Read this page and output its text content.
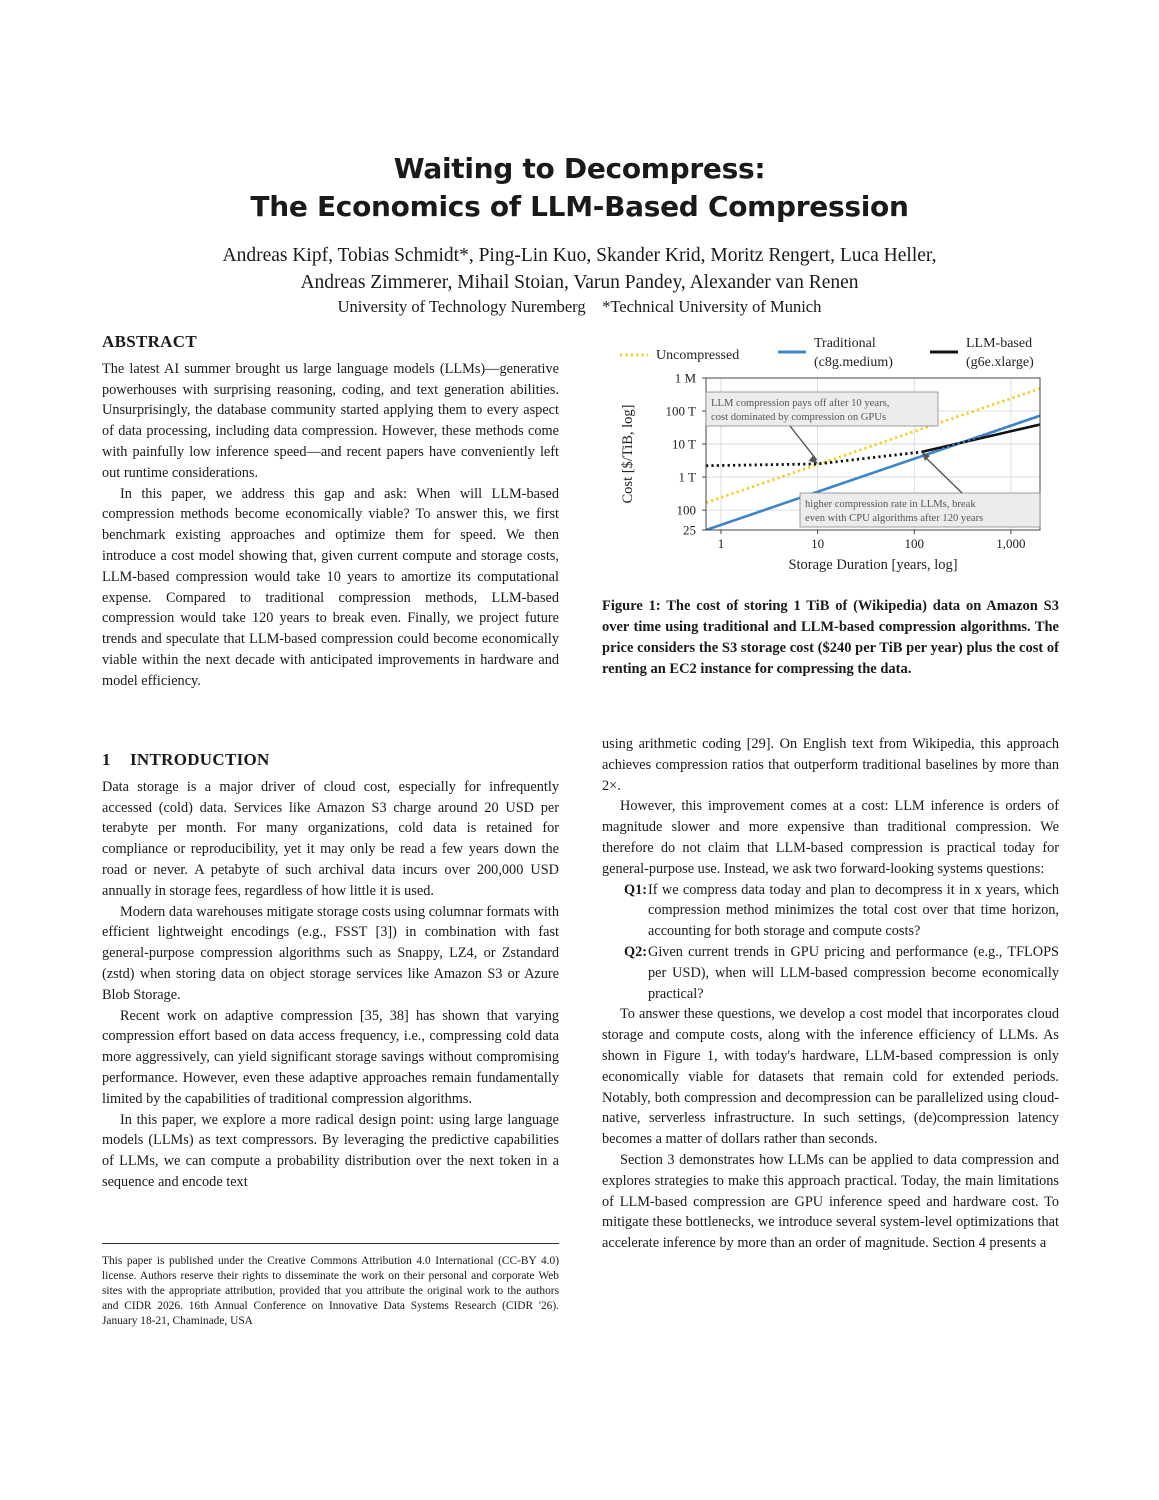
Waiting to Decompress:
The Economics of LLM-Based Compression
Andreas Kipf, Tobias Schmidt*, Ping-Lin Kuo, Skander Krid, Moritz Rengert, Luca Heller,
Andreas Zimmerer, Mihail Stoian, Varun Pandey, Alexander van Renen
University of Technology Nuremberg    *Technical University of Munich
ABSTRACT

The latest AI summer brought us large language models (LLMs)—generative powerhouses with surprising reasoning, coding, and text generation abilities. Unsurprisingly, the database community started applying them to every aspect of data processing, including data compression. However, these methods come with painfully low inference speed—and recent papers have conveniently left out runtime considerations.

In this paper, we address this gap and ask: When will LLM-based compression methods become economically viable? To answer this, we first benchmark existing approaches and optimize them for speed. We then introduce a cost model showing that, given current compute and storage costs, LLM-based compression would take 10 years to amortize its computational expense. Compared to traditional compression methods, LLM-based compression would take 120 years to break even. Finally, we project future trends and speculate that LLM-based compression could become economically viable within the next decade with anticipated improvements in hardware and model efficiency.

1 INTRODUCTION

Data storage is a major driver of cloud cost, especially for infrequently accessed (cold) data. Services like Amazon S3 charge around 20 USD per terabyte per month. For many organizations, cold data is retained for compliance or reproducibility, yet it may only be read a few years down the road or never. A petabyte of such archival data incurs over 200,000 USD annually in storage fees, regardless of how little it is used.

Modern data warehouses mitigate storage costs using columnar formats with efficient lightweight encodings (e.g., FSST [3]) in combination with fast general-purpose compression algorithms such as Snappy, LZ4, or Zstandard (zstd) when storing data on object storage services like Amazon S3 or Azure Blob Storage.

Recent work on adaptive compression [35, 38] has shown that varying compression effort based on data access frequency, i.e., compressing cold data more aggressively, can yield significant storage savings without compromising performance. However, even these adaptive approaches remain fundamentally limited by the capabilities of traditional compression algorithms.

In this paper, we explore a more radical design point: using large language models (LLMs) as text compressors. By leveraging the predictive capabilities of LLMs, we can compute a probability distribution over the next token in a sequence and encode text

This paper is published under the Creative Commons Attribution 4.0 International (CC-BY 4.0) license. Authors reserve their rights to disseminate the work on their personal and corporate Web sites with the appropriate attribution, provided that you attribute the original work to the authors and CIDR 2026. 16th Annual Conference on Innovative Data Systems Research (CIDR '26). January 18-21, Chaminade, USA
1	10	100	1,000
25
100
1 T
10 T
100 T
1 M
Uncompressed
Traditional
(c8g.medium)
LLM-based
(g6e.xlarge)
LLM compression pays off after 10 years,
cost dominated by compression on GPUs
higher compression rate in LLMs, break
even with CPU algorithms after 120 years
Storage Duration [years, log]
Cost [$/TiB, log]
Figure 1: The cost of storing 1 TiB of (Wikipedia) data on Amazon S3 over time using traditional and LLM-based compression algorithms. The price considers the S3 storage cost ($240 per TiB per year) plus the cost of renting an EC2 instance for compressing the data.

using arithmetic coding [29]. On English text from Wikipedia, this approach achieves compression ratios that outperform traditional baselines by more than 2×.

However, this improvement comes at a cost: LLM inference is orders of magnitude slower and more expensive than traditional compression. We therefore do not claim that LLM-based compression is practical today for general-purpose use. Instead, we ask two forward-looking systems questions:

Q1: If we compress data today and plan to decompress it in x years, which compression method minimizes the total cost over that time horizon, accounting for both storage and compute costs?
Q2: Given current trends in GPU pricing and performance (e.g., TFLOPS per USD), when will LLM-based compression become economically practical?

To answer these questions, we develop a cost model that incorporates cloud storage and compute costs, along with the inference efficiency of LLMs. As shown in Figure 1, with today's hardware, LLM-based compression is only economically viable for datasets that remain cold for extended periods. Notably, both compression and decompression can be parallelized using cloud-native, serverless infrastructure. In such settings, (de)compression latency becomes a matter of dollars rather than seconds.

Section 3 demonstrates how LLMs can be applied to data compression and explores strategies to make this approach practical. Today, the main limitations of LLM-based compression are GPU inference speed and hardware cost. To mitigate these bottlenecks, we introduce several system-level optimizations that accelerate inference by more than an order of magnitude. Section 4 presents a
